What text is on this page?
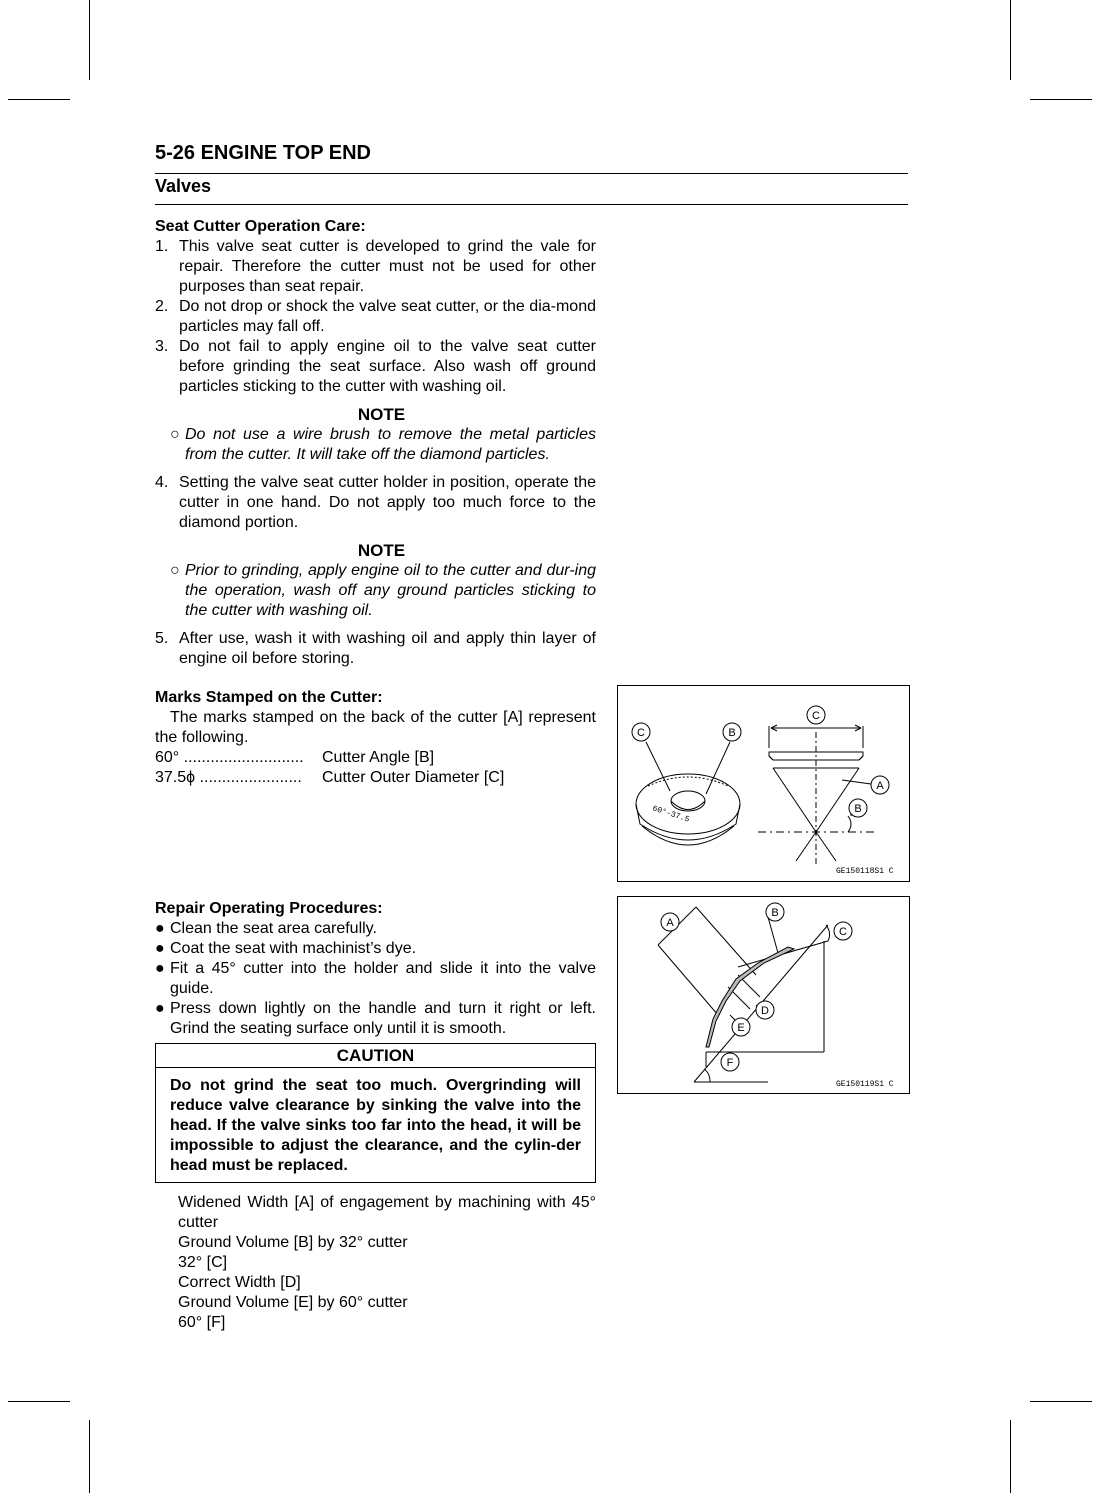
5-26 ENGINE TOP END
Valves
Seat Cutter Operation Care:
1. This valve seat cutter is developed to grind the vale for repair. Therefore the cutter must not be used for other purposes than seat repair.
2. Do not drop or shock the valve seat cutter, or the dia-mond particles may fall off.
3. Do not fail to apply engine oil to the valve seat cutter before grinding the seat surface. Also wash off ground particles sticking to the cutter with washing oil.
NOTE
○ Do not use a wire brush to remove the metal particles from the cutter. It will take off the diamond particles.
4. Setting the valve seat cutter holder in position, operate the cutter in one hand. Do not apply too much force to the diamond portion.
NOTE
○ Prior to grinding, apply engine oil to the cutter and dur-ing the operation, wash off any ground particles sticking to the cutter with washing oil.
5. After use, wash it with washing oil and apply thin layer of engine oil before storing.
Marks Stamped on the Cutter:
The marks stamped on the back of the cutter [A] represent the following.
60° ...........................	Cutter Angle [B]
37.5ϕ .......................	Cutter Outer Diameter [C]
Repair Operating Procedures:
● Clean the seat area carefully.
● Coat the seat with machinist’s dye.
● Fit a 45° cutter into the holder and slide it into the valve guide.
● Press down lightly on the handle and turn it right or left. Grind the seating surface only until it is smooth.
CAUTION
Do not grind the seat too much. Overgrinding will reduce valve clearance by sinking the valve into the head. If the valve sinks too far into the head, it will be impossible to adjust the clearance, and the cylin-der head must be replaced.
Widened Width [A] of engagement by machining with 45° cutter
Ground Volume [B] by 32° cutter
32° [C]
Correct Width [D]
Ground Volume [E] by 60° cutter
60° [F]
60°-37.5
C	B
C
A
B
GE150118S1 C
A
B
C
D
E
F
GE150119S1 C
